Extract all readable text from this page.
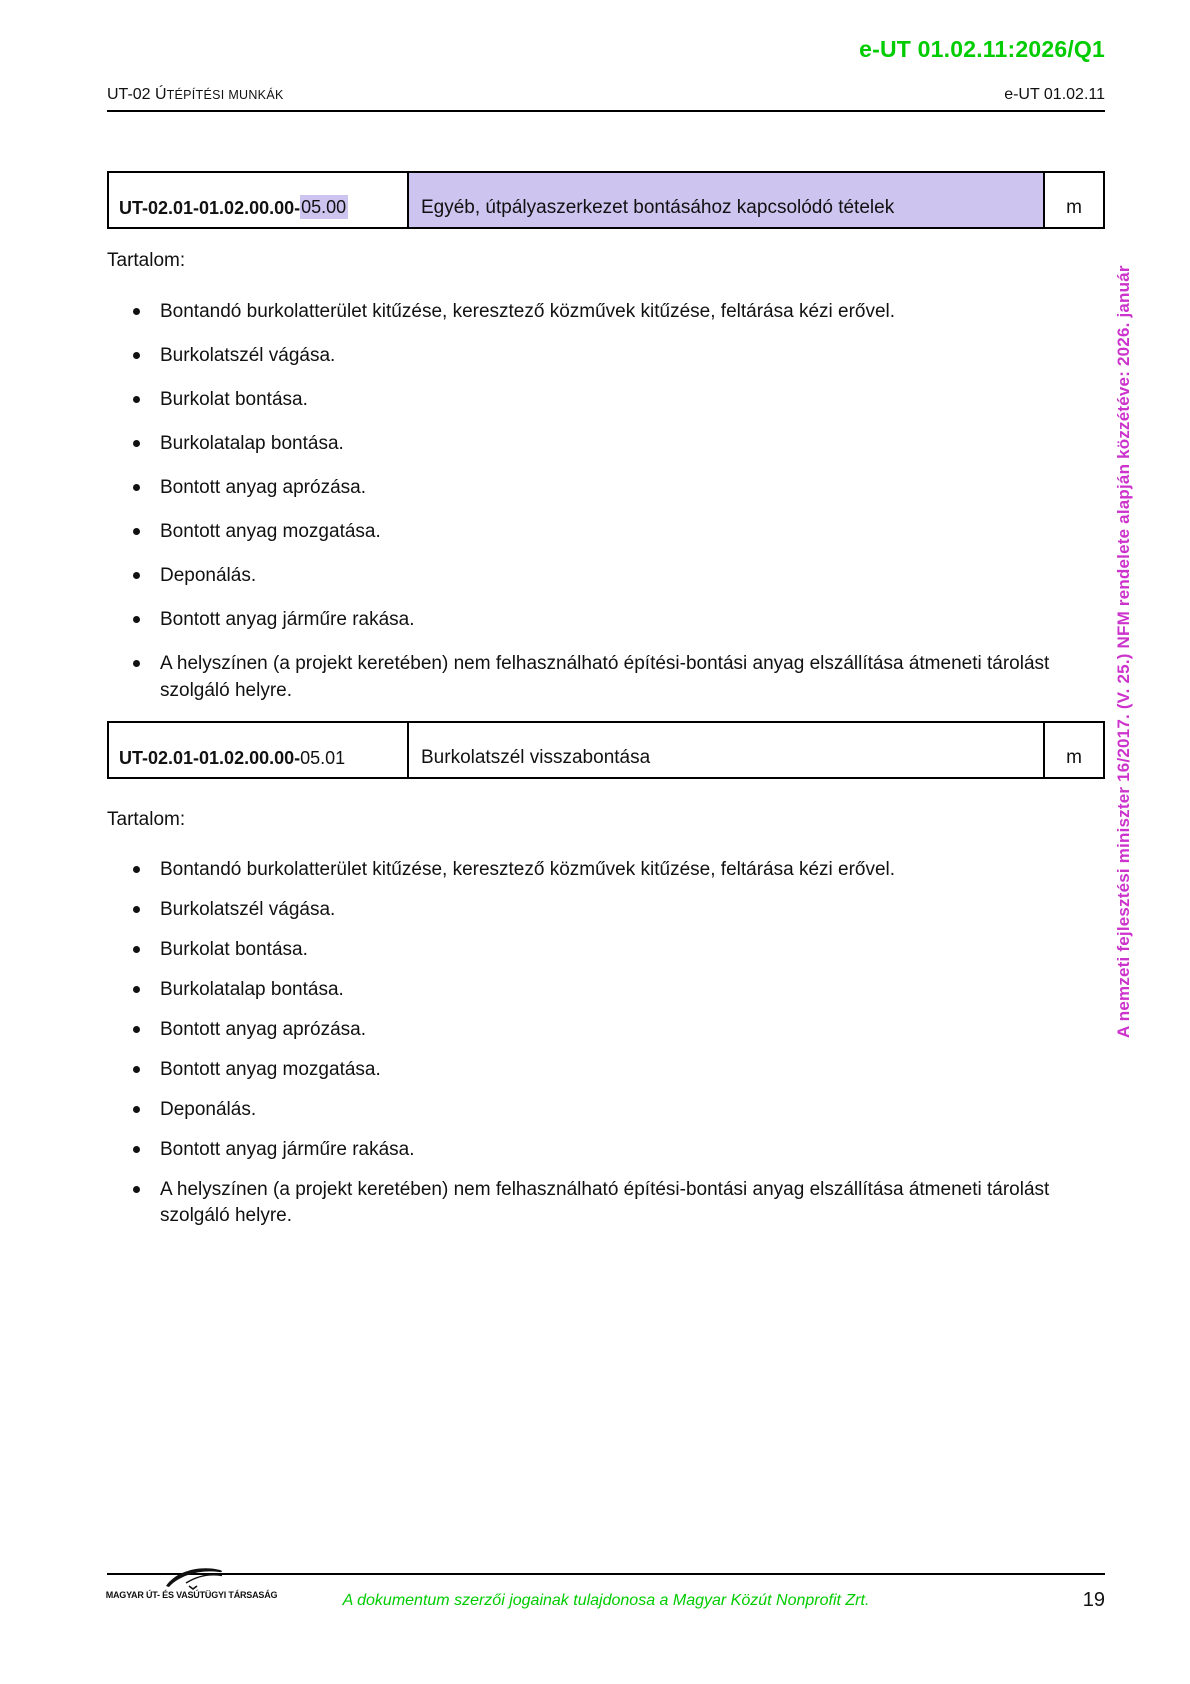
e-UT 01.02.11:2026/Q1
UT-02 ÚTÉPÍTÉSI MUNKÁK	e-UT 01.02.11
UT-02.01-01.02.00.00- 05.00	Egyéb, útpályaszerkezet bontásához kapcsolódó tételek	m
Tartalom:
Bontandó burkolatterület kitűzése, keresztező közművek kitűzése, feltárása kézi erővel.
Burkolatszél vágása.
Burkolat bontása.
Burkolatalap bontása.
Bontott anyag aprózása.
Bontott anyag mozgatása.
Deponálás.
Bontott anyag járműre rakása.
A helyszínen (a projekt keretében) nem felhasználható építési-bontási anyag elszállítása átmeneti tárolást szolgáló helyre.
UT-02.01-01.02.00.00- 05.01	Burkolatszél visszabontása	m
Tartalom:
Bontandó burkolatterület kitűzése, keresztező közművek kitűzése, feltárása kézi erővel.
Burkolatszél vágása.
Burkolat bontása.
Burkolatalap bontása.
Bontott anyag aprózása.
Bontott anyag mozgatása.
Deponálás.
Bontott anyag járműre rakása.
A helyszínen (a projekt keretében) nem felhasználható építési-bontási anyag elszállítása átmeneti tárolást szolgáló helyre.
A nemzeti fejlesztési miniszter 16/2017. (V. 25.) NFM rendelete alapján közzétéve: 2026. január
MAGYAR ÚT- ÉS VASÚTÜGYI TÁRSASÁG	A dokumentum szerzői jogainak tulajdonosa a Magyar Közút Nonprofit Zrt.	19
